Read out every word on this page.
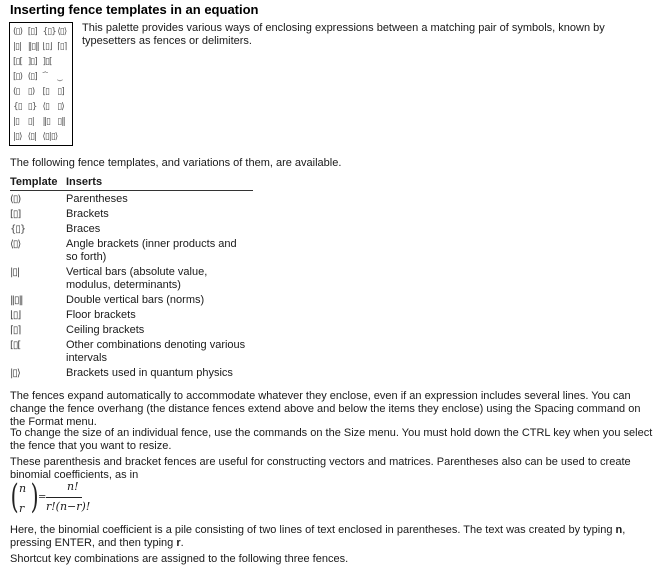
Inserting fence templates in an equation
(▯) [▯] {▯} ⟨▯⟩
|▯| ‖▯‖ ⌊▯⌋ ⌈▯⌉
[▯[ ]▯] ]▯[
[▯) (▯] ⏞	⏟
(▯ ▯) [▯ ▯]
{▯ ▯} ⟨▯ ▯⟩
|▯ ▯| ‖▯ ▯‖
|▯⟩ ⟨▯| ⟨▯|▯⟩
This palette provides various ways of enclosing expressions between a matching pair of symbols, known by typesetters as fences or delimiters.
The following fence templates, and variations of them, are available.
Template Inserts
(▯)	Parentheses
[▯]	Brackets
{▯}	Braces
⟨▯⟩	Angle brackets (inner products and so forth)
|▯|	Vertical bars (absolute value, modulus, determinants)
‖▯‖	Double vertical bars (norms)
⌊▯⌋	Floor brackets
⌈▯⌉	Ceiling brackets
[▯[	Other combinations denoting various intervals
|▯⟩	Brackets used in quantum physics
The fences expand automatically to accommodate whatever they enclose, even if an expression includes several lines. You can change the fence overhang (the distance fences extend above and below the items they enclose) using the Spacing command on the Format menu.
To change the size of an individual fence, use the commands on the Size menu. You must hold down the CTRL key when you select the fence that you want to resize.
These parenthesis and bracket fences are useful for constructing vectors and matrices. Parentheses also can be used to create binomial coefficients, as in
( n
r ) =
n!
r!(n−r)!
Here, the binomial coefficient is a pile consisting of two lines of text enclosed in parentheses. The text was created by typing n, pressing ENTER, and then typing r.
Shortcut key combinations are assigned to the following three fences.
